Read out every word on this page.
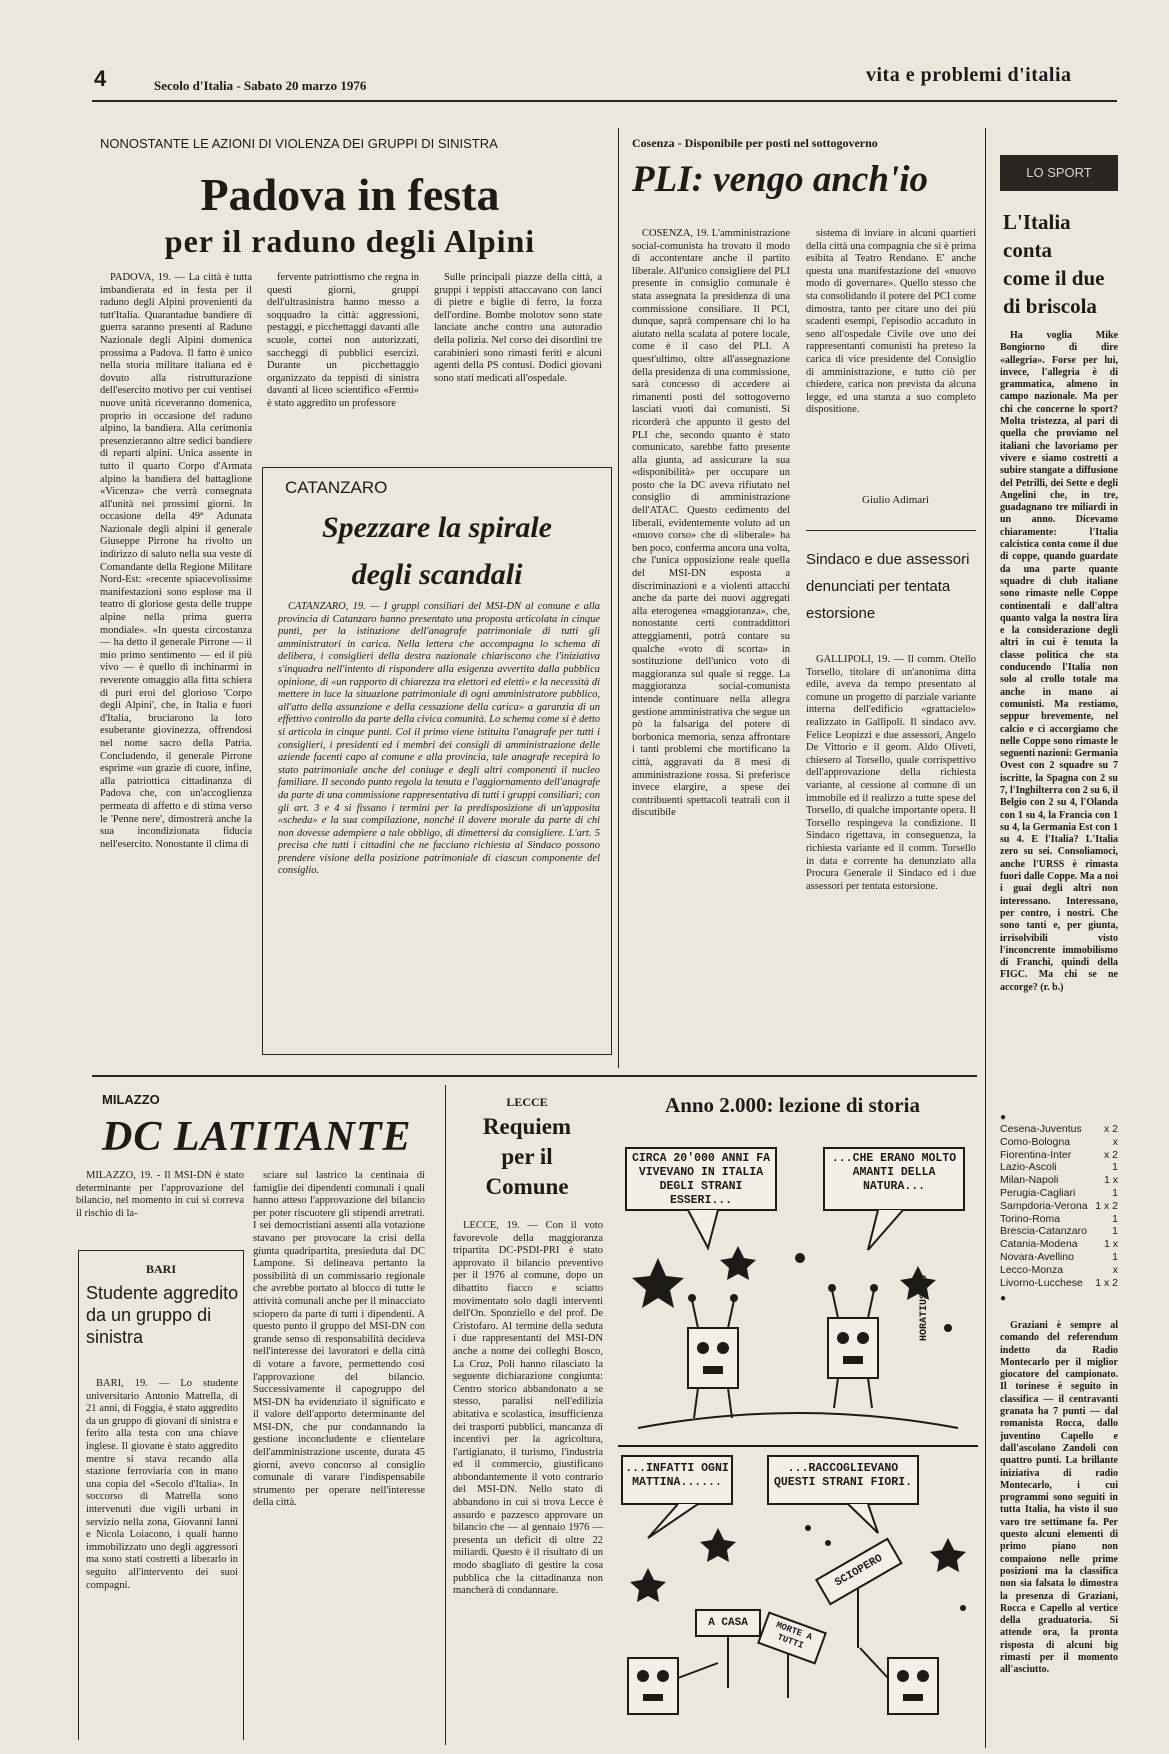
4	Secolo d'Italia - Sabato 20 marzo 1976	vita e problemi d'italia
NONOSTANTE LE AZIONI DI VIOLENZA DEI GRUPPI DI SINISTRA
Padova in festa
per il raduno degli Alpini
PADOVA, 19. — La città è tutta imbandierata ed in festa per il raduno degli Alpini provenienti da tutt'Italia. Quarantadue bandiere di guerra saranno presenti al Raduno Nazionale degli Alpini domenica prossima a Padova. Il fatto è unico nella storia militare italiana ed è dovuto alla ristrutturazione dell'esercito motivo per cui ventisei nuove unità riceveranno domenica, proprio in occasione del raduno alpino, la bandiera. Alla cerimonia presenzieranno altre sedici bandiere di reparti alpini. Unica assente in tutto il quarto Corpo d'Armata alpino la bandiera del battaglione «Vicenza» che verrà consegnata all'unità nei prossimi giorni. In occasione della 49ª Adunata Nazionale degli alpini il generale Giuseppe Pirrone ha rivolto un indirizzo di saluto nella sua veste di Comandante della Regione Militare Nord-Est: «recente spiacevolissime manifestazioni sono esplose ma il teatro di gloriose gesta delle truppe alpine nella prima guerra mondiale». «In questa circostanza — ha detto il generale Pirrone — il mio primo sentimento — ed il più vivo — è quello di inchinarmi in reverente omaggio alla fitta schiera di puri eroi del glorioso 'Corpo degli Alpini', che, in Italia e fuori d'Italia, bruciarono la loro esuberante giovinezza, offrendosi nel nome sacro della Patria. Concludendo, il generale Pirrone esprime «un grazie di cuore, infine, alla patriottica cittadinanza di Padova che, con un'accoglienza permeata di affetto e di stima verso le 'Penne nere', dimostrerà anche la sua incondizionata fiducia nell'esercito. Nonostante il clima di
fervente patriottismo che regna in questi giorni, gruppi dell'ultrasinistra hanno messo a soqquadro la città: aggressioni, pestaggi, e picchettaggi davanti alle scuole, cortei non autorizzati, saccheggi di pubblici esercizi. Durante un picchettaggio organizzato da teppisti di sinistra davanti al liceo scientifico «Fermi» è stato aggredito un professore
Sulle principali piazze della città, a gruppi i teppisti attaccavano con lanci di pietre e biglie di ferro, la forza dell'ordine. Bombe molotov sono state lanciate anche contro una autoradio della polizia. Nel corso dei disordini tre carabinieri sono rimasti feriti e alcuni agenti della PS contusi. Dodici giovani sono stati medicati all'ospedale.
CATANZARO
Spezzare la spirale
degli scandali
CATANZARO, 19. — I gruppi consiliari del MSI-DN al comune e alla provincia di Catanzaro hanno presentato una proposta articolata in cinque punti, per la istituzione dell'anagrafe patrimoniale di tutti gli amministratori in carica. Nella lettera che accompagna lo schema di delibera, i consiglieri della destra nazionale chiariscono che l'iniziativa s'inquadra nell'intento di rispondere alla esigenza avvertita dalla pubblica opinione, di «un rapporto di chiarezza tra elettori ed eletti» e la necessità di mettere in luce la situazione patrimoniale di ogni amministratore pubblico, all'atto della assunzione e della cessazione della carica» a garanzia di un effettivo controllo da parte della civica comunità. Lo schema come si è detto si articola in cinque punti. Col il primo viene istituita l'anagrafe per tutti i consiglieri, i presidenti ed i membri dei consigli di amministrazione delle aziende facenti capo al comune e alla provincia, tale anagrafe recepirà lo stato patrimoniale anche del coniuge e degli altri componenti il nucleo familiare. Il secondo punto regola la tenuta e l'aggiornamento dell'anagrafe da parte di una commissione rappresentativa di tutti i gruppi consiliari; con gli art. 3 e 4 si fissano i termini per la predisposizione di un'apposita «scheda» e la sua compilazione, nonché il dovere morale da parte di chi non dovesse adempiere a tale obbligo, di dimettersi da consigliere. L'art. 5 precisa che tutti i cittadini che ne facciano richiesta al Sindaco possono prendere visione della posizione patrimoniale di ciascun componente del consiglio.
Cosenza - Disponibile per posti nel sottogoverno
PLI: vengo anch'io
COSENZA, 19. L'amministrazione social-comunista ha trovato il modo di accontentare anche il partito liberale. All'unico consigliere del PLI presente in consiglio comunale è stata assegnata la presidenza di una commissione consiliare. Il PCI, dunque, saprà compensare chi lo ha aiutato nella scalata al potere locale, come è il caso del PLI. A quest'ultimo, oltre all'assegnazione della presidenza di una commissione, sarà concesso di accedere ai rimanenti posti del sottogoverno lasciati vuoti dai comunisti. Si ricorderà che appunto il gesto del PLI che, secondo quanto è stato comunicato, sarebbe fatto presente alla giunta, ad assicurare la sua «disponibilità» per occupare un posto che la DC aveva rifiutato nel consiglio di amministrazione dell'ATAC. Questo cedimento del liberali, evidentemente voluto ad un «nuovo corso» che di «liberale» ha ben poco, conferma ancora una volta, che l'unica opposizione reale quella del MSI-DN esposta a discriminazioni e a violenti attacchi anche da parte dei nuovi aggregati alla eterogenea «maggioranza», che, nonostante certi contraddittori atteggiamenti, potrà contare su qualche «voto di scorta» in sostituzione dell'unico voto di maggioranza sul quale si regge. La maggioranza social-comunista intende continuare nella allegra gestione amministrativa che segue un pò la falsariga del potere di borbonica memoria, senza affrontare i tanti problemi che mortificano la città, aggravati da 8 mesi di amministrazione rossa. Si preferisce invece elargire, a spese dei contribuenti spettacoli teatrali con il discutibile
sistema di inviare in alcuni quartieri della città una compagnia che si è prima esibita al Teatro Rendano. E' anche questa una manifestazione del «nuovo modo di governare». Quello stesso che sta consolidando il potere del PCI come dimostra, tanto per citare uno dei più scadenti esempi, l'episodio accaduto in seno all'ospedale Civile ove uno dei rappresentanti comunisti ha preteso la carica di vice presidente del Consiglio di amministrazione, e tutto ciò per chiedere, carica non prevista da alcuna legge, ed una stanza a suo completo dispositione.
Giulio Adimari
Sindaco e due assessori denunciati per tentata estorsione
GALLIPOLI, 19. — Il comm. Otello Torsello, titolare di un'anonima ditta edile, aveva da tempo presentato al comune un progetto di parziale variante interna dell'edificio «grattacielo» realizzato in Gallipoli. Il sindaco avv. Felice Leopizzi e due assessori, Angelo De Vittorio e il geom. Aldo Oliveti, chiesero al Torsello, quale corrispettivo dell'approvazione della richiesta variante, al cessione al comune di un immobile ed il realizzo a tutte spese del Torsello, di qualche importante opera. Il Torsello respingeva la condizione. Il Sindaco rigettava, in conseguenza, la richiesta variante ed il comm. Torsello in data e corrente ha denunziato alla Procura Generale il Sindaco ed i due assessori per tentata estorsione.
LO SPORT
L'Italia
conta
come il due
di briscola
Ha voglia Mike Bongiorno di dire «allegria». Forse per lui, invece, l'allegria è di grammatica, almeno in campo nazionale. Ma per chi che concerne lo sport? Molta tristezza, al pari di quella che proviamo nel italiani che lavoriamo per vivere e siamo costretti a subire stangate a diffusione del Petrilli, dei Sette e degli Angelini che, in tre, guadagnano tre miliardi in un anno. Dicevamo chiaramente: l'Italia calcistica conta come il due di coppe, quando guardate da una parte quante squadre di club italiane sono rimaste nelle Coppe continentali e dall'altra quanto valga la nostra lira e la considerazione degli altri in cui è tenuta la classe politica che sta conducendo l'Italia non solo al crollo totale ma anche in mano ai comunisti. Ma restiamo, seppur brevemente, nel calcio e ci accorgiamo che nelle Coppe sono rimaste le seguenti nazioni: Germania Ovest con 2 squadre su 7 iscritte, la Spagna con 2 su 7, l'Inghilterra con 2 su 6, il Belgio con 2 su 4, l'Olanda con 1 su 4, la Francia con 1 su 4, la Germania Est con 1 su 4. E l'Italia? L'Italia zero su sei. Consoliamoci, anche l'URSS è rimasta fuori dalle Coppe. Ma a noi i guai degli altri non interessano. Interessano, per contro, i nostri. Che sono tanti e, per giunta, irrisolvibili visto l'inconcrente immobilismo di Franchi, quindi della FIGC. Ma chi se ne accorge? (r. b.)
●
Cesena-Juventus x 2
Como-Bologna	x
Fiorentina-Inter	x 2
Lazio-Ascoli	1
Milan-Napoli	1 x
Perugia-Cagliari	1
Sampdoria-Verona 1 x 2
Torino-Roma	1
Brescia-Catanzaro 1
Catania-Modena	1 x
Novara-Avellino	1
Lecco-Monza	x
Livorno-Lucchese 1 x 2
●
Graziani è sempre al comando del referendum indetto da Radio Montecarlo per il miglior giocatore del campionato. Il torinese è seguito in classifica — il centravanti granata ha 7 punti — dal romanista Rocca, dallo juventino Capello e dall'ascolano Zandoli con quattro punti. La brillante iniziativa di radio Montecarlo, i cui programmi sono seguiti in tutta Italia, ha visto il suo varo tre settimane fa. Per questo alcuni elementi di primo piano non compaiono nelle prime posizioni ma la classifica non sia falsata lo dimostra la presenza di Graziani, Rocca e Capello al vertice della graduatoria. Si attende ora, la pronta risposta di alcuni big rimasti per il momento all'asciutto.
MILAZZO
DC LATITANTE
MILAZZO, 19. - Il MSI-DN è stato determinante per l'approvazione del bilancio, nel momento in cui si correva il rischio di la-
sciare sul lastrico la centinaia di famiglie dei dipendenti comunali i quali hanno atteso l'approvazione del bilancio per poter riscuotere gli stipendi arretrati. I sei democristiani assenti alla votazione stavano per provocare la crisi della giunta quadripartita, presieduta dal DC Lampone. Si delineava pertanto la possibilità di un commissario regionale che avrebbe portato al blocco di tutte le attività comunali anche per il minacciato sciopero da parte di tutti i dipendenti. A questo punto il gruppo del MSI-DN con grande senso di responsabilità decideva nell'interesse dei lavoratori e della città di votare a favore, permettendo così l'approvazione del bilancio. Successivamente il capogruppo del MSI-DN ha evidenziato il significato e il valore dell'apporto determinante del MSI-DN, che pur condannando la gestione inconcludente e clientelare dell'amministrazione uscente, durata 45 giorni, avevo concorso al consiglio comunale di varare l'indispensabile strumento per operare nell'interesse della città.
BARI
Studente aggredito da un gruppo di sinistra
BARI, 19. — Lo studente universitario Antonio Matrella, di 21 anni, di Foggia, è stato aggredito da un gruppo di giovani di sinistra e ferito alla testa con una chiave inglese. Il giovane è stato aggredito mentre si stava recando alla stazione ferroviaria con in mano una copia del «Secolo d'Italia». In soccorso di Matrella sono intervenuti due vigili urbani in servizio nella zona, Giovanni Ianni e Nicola Loiacono, i quali hanno immobilizzato uno degli aggressori ma sono stati costretti a liberarlo in seguito all'intervento dei suoi compagni.
LECCE
Requiem
per il
Comune
LECCE, 19. — Con il voto favorevole della maggioranza tripartita DC-PSDI-PRI è stato approvato il bilancio preventivo per il 1976 al comune, dopo un dibattito fiacco e sciatto movimentato solo dagli interventi dell'On. Sponziello e del prof. De Cristofaro. Al termine della seduta i due rappresentanti del MSI-DN anche a nome dei colleghi Bosco, La Cruz, Poli hanno rilasciato la seguente dichiarazione congiunta: Centro storico abbandonato a se stesso, paralisi nell'edilizia abitativa e scolastica, insufficienza dei trasporti pubblici, mancanza di incentivi per la agricoltura, l'artigianato, il turismo, l'industria ed il commercio, giustificano abbondantemente il voto contrario del MSI-DN. Nello stato di abbandono in cui si trova Lecce è assurdo e pazzesco approvare un bilancio che — al gennaio 1976 — presenta un deficit di oltre 22 miliardi. Questo è il risultato di un modo sbagliato di gestire la cosa pubblica che la cittadinanza non mancherà di condannare.
Anno 2.000: lezione di storia
CIRCA 20'000 ANNI FA VIVEVANO IN ITALIA DEGLI STRANI ESSERI...
...CHE ERANO MOLTO AMANTI DELLA NATURA...
...INFATTI OGNI MATTINA......
...RACCOGLIEVANO QUESTI STRANI FIORI.
SCIOPERO
A CASA	MORTE A TUTTI
HORATIUS 76
